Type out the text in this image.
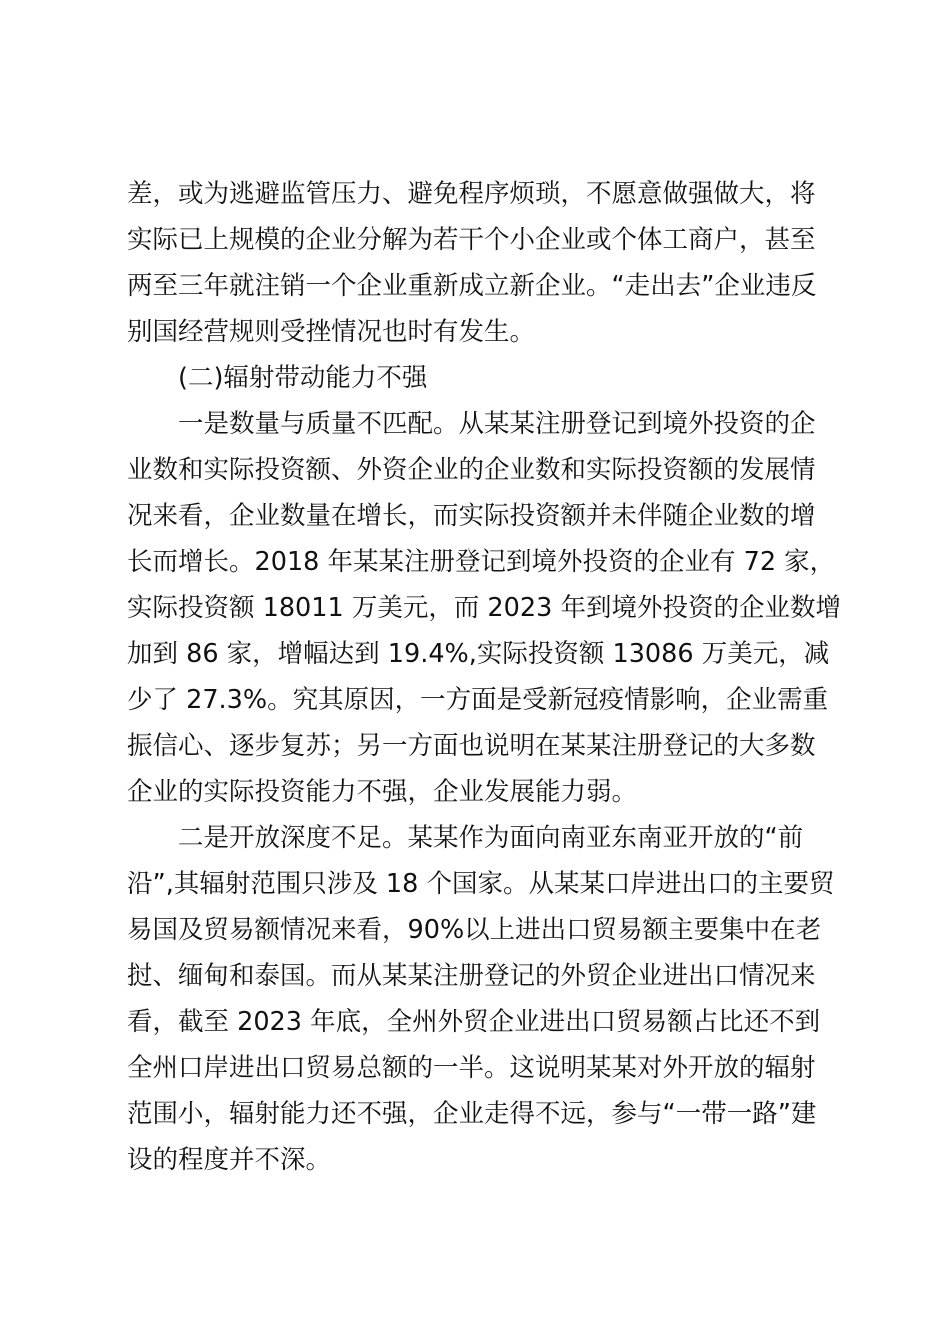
差，或为逃避监管压力、避免程序烦琐，不愿意做强做大，将

实际已上规模的企业分解为若干个小企业或个体工商户，甚至

两至三年就注销一个企业重新成立新企业。“走出去”企业违反

别国经营规则受挫情况也时有发生。

(二)辐射带动能力不强

一是数量与质量不匹配。从某某注册登记到境外投资的企

业数和实际投资额、外资企业的企业数和实际投资额的发展情

况来看，企业数量在增长，而实际投资额并未伴随企业数的增

长而增长。2018 年某某注册登记到境外投资的企业有 72 家，

实际投资额 18011 万美元，而 2023 年到境外投资的企业数增

加到 86 家，增幅达到 19.4%,实际投资额 13086 万美元，减

少了 27.3%。究其原因，一方面是受新冠疫情影响，企业需重

振信心、逐步复苏；另一方面也说明在某某注册登记的大多数

企业的实际投资能力不强，企业发展能力弱。

二是开放深度不足。某某作为面向南亚东南亚开放的“前

沿”,其辐射范围只涉及 18 个国家。从某某口岸进出口的主要贸

易国及贸易额情况来看，90%以上进出口贸易额主要集中在老

挝、缅甸和泰国。而从某某注册登记的外贸企业进出口情况来

看，截至 2023 年底，全州外贸企业进出口贸易额占比还不到

全州口岸进出口贸易总额的一半。这说明某某对外开放的辐射

范围小，辐射能力还不强，企业走得不远，参与“一带一路”建

设的程度并不深。
